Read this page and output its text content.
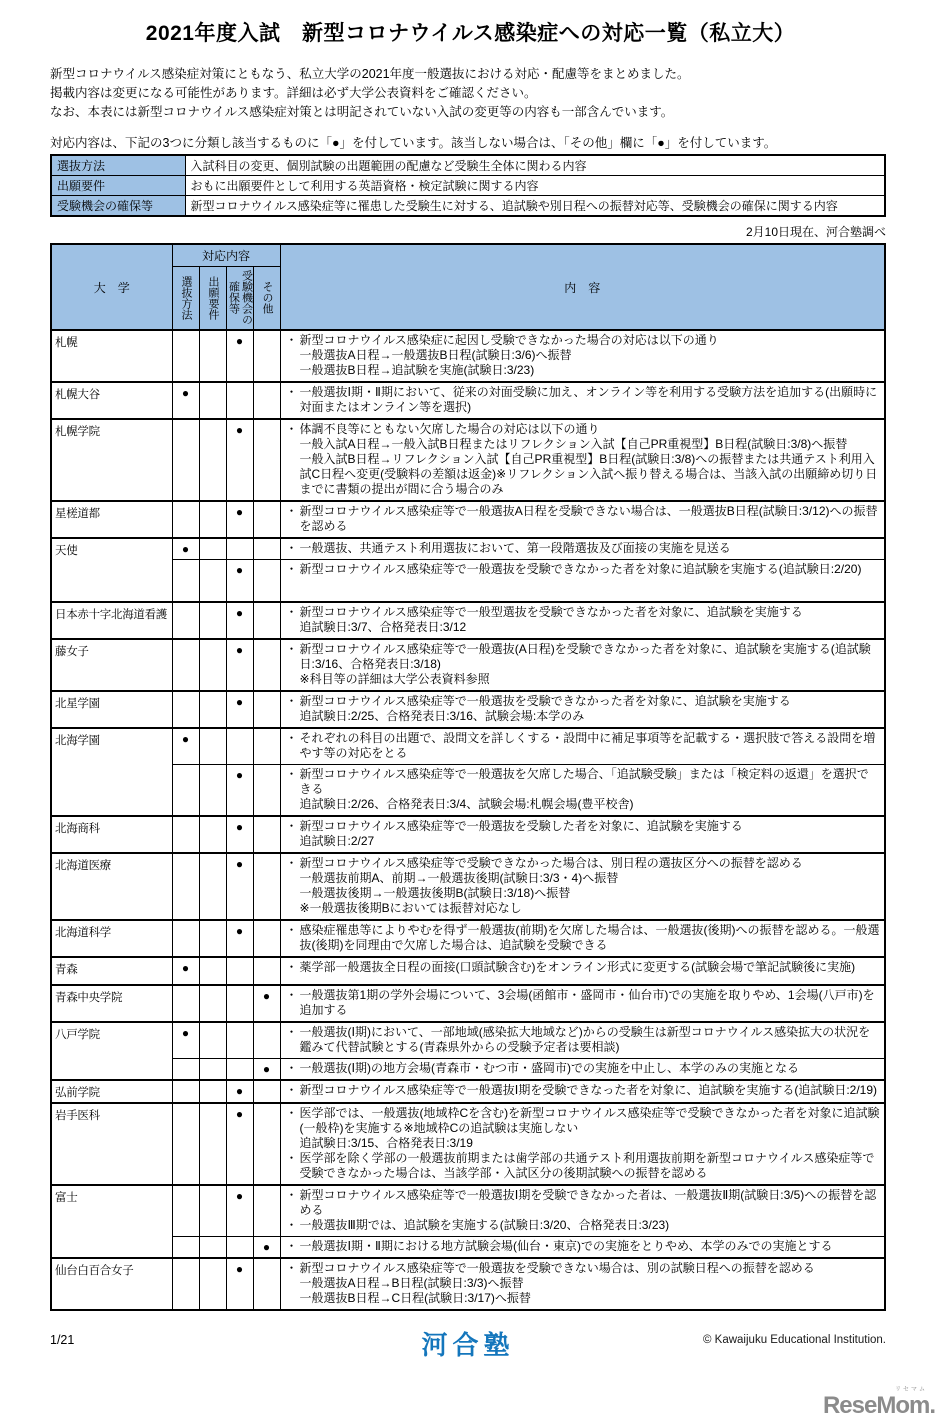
2021年度入試　新型コロナウイルス感染症への対応一覧（私立大）
新型コロナウイルス感染症対策にともなう、私立大学の2021年度一般選抜における対応・配慮等をまとめました。
掲載内容は変更になる可能性があります。詳細は必ず大学公表資料をご確認ください。
なお、本表には新型コロナウイルス感染症対策とは明記されていない入試の変更等の内容も一部含んでいます。
対応内容は、下記の3つに分類し該当するものに「●」を付しています。該当しない場合は、「その他」欄に「●」を付しています。
選抜方法	入試科目の変更、個別試験の出題範囲の配慮など受験生全体に関わる内容
出願要件	おもに出願要件として利用する英語資格・検定試験に関する内容
受験機会の確保等	新型コロナウイルス感染症等に罹患した受験生に対する、追試験や別日程への振替対応等、受験機会の確保に関する内容
2月10日現在、河合塾調べ
大　学	対応内容				内　容

	選抜方法	出願要件	受験機会の確保等	その他	

札幌			●		・ 新型コロナウイルス感染症に起因し受験できなかった場合の対応は以下の通り
一般選抜A日程→一般選抜B日程(試験日:3/6)へ振替
一般選抜B日程→追試験を実施(試験日:3/23)

札幌大谷	●				・ 一般選抜Ⅰ期・Ⅱ期において、従来の対面受験に加え、オンライン等を利用する受験方法を追加する(出願時に対面またはオンライン等を選択)

札幌学院			●		・ 体調不良等にともない欠席した場合の対応は以下の通り
一般入試A日程→一般入試B日程またはリフレクション入試【自己PR重視型】B日程(試験日:3/8)へ振替
一般入試B日程→リフレクション入試【自己PR重視型】B日程(試験日:3/8)への振替または共通テスト利用入試C日程へ変更(受験料の差額は返金)※リフレクション入試へ振り替える場合は、当該入試の出願締め切り日までに書類の提出が間に合う場合のみ

星槎道都			●		・ 新型コロナウイルス感染症等で一般選抜A日程を受験できない場合は、一般選抜B日程(試験日:3/12)への振替を認める

天使	●				・ 一般選抜、共通テスト利用選抜において、第一段階選抜及び面接の実施を見送る

			●		・ 新型コロナウイルス感染症等で一般選抜を受験できなかった者を対象に追試験を実施する(追試験日:2/20)

日本赤十字北海道看護			●		・ 新型コロナウイルス感染症等で一般型選抜を受験できなかった者を対象に、追試験を実施する
追試験日:3/7、合格発表日:3/12

藤女子			●		・ 新型コロナウイルス感染症等で一般選抜(A日程)を受験できなかった者を対象に、追試験を実施する(追試験日:3/16、合格発表日:3/18)
※科目等の詳細は大学公表資料参照

北星学園			●		・ 新型コロナウイルス感染症等で一般選抜を受験できなかった者を対象に、追試験を実施する
追試験日:2/25、合格発表日:3/16、試験会場:本学のみ

北海学園	●				・ それぞれの科目の出題で、設問文を詳しくする・設問中に補足事項等を記載する・選択肢で答える設問を増やす等の対応をとる

			●		・ 新型コロナウイルス感染症等で一般選抜を欠席した場合、「追試験受験」または「検定料の返還」を選択できる
追試験日:2/26、合格発表日:3/4、試験会場:札幌会場(豊平校舎)

北海商科			●		・ 新型コロナウイルス感染症等で一般選抜を受験した者を対象に、追試験を実施する
追試験日:2/27

北海道医療			●		・ 新型コロナウイルス感染症等で受験できなかった場合は、別日程の選抜区分への振替を認める
一般選抜前期A、前期→一般選抜後期(試験日:3/3・4)へ振替
一般選抜後期→一般選抜後期B(試験日:3/18)へ振替
※一般選抜後期Bにおいては振替対応なし

北海道科学			●		・ 感染症罹患等によりやむを得ず一般選抜(前期)を欠席した場合は、一般選抜(後期)への振替を認める。一般選抜(後期)を同理由で欠席した場合は、追試験を受験できる

青森	●				・ 薬学部一般選抜全日程の面接(口頭試験含む)をオンライン形式に変更する(試験会場で筆記試験後に実施)

青森中央学院				●	・ 一般選抜第1期の学外会場について、3会場(函館市・盛岡市・仙台市)での実施を取りやめ、1会場(八戸市)を追加する

八戸学院	●				・ 一般選抜(Ⅰ期)において、一部地域(感染拡大地域など)からの受験生は新型コロナウイルス感染拡大の状況を鑑みて代替試験とする(青森県外からの受験予定者は要相談)

				●	・ 一般選抜(Ⅰ期)の地方会場(青森市・むつ市・盛岡市)での実施を中止し、本学のみの実施となる

弘前学院			●		・ 新型コロナウイルス感染症等で一般選抜Ⅰ期を受験できなった者を対象に、追試験を実施する(追試験日:2/19)

岩手医科			●		・ 医学部では、一般選抜(地域枠Cを含む)を新型コロナウイルス感染症等で受験できなかった者を対象に追試験(一般枠)を実施する※地域枠Cの追試験は実施しない
追試験日:3/15、合格発表日:3/19
・ 医学部を除く学部の一般選抜前期または歯学部の共通テスト利用選抜前期を新型コロナウイルス感染症等で受験できなかった場合は、当該学部・入試区分の後期試験への振替を認める

富士			●		・ 新型コロナウイルス感染症等で一般選抜Ⅰ期を受験できなかった者は、一般選抜Ⅱ期(試験日:3/5)への振替を認める
・ 一般選抜Ⅲ期では、追試験を実施する(試験日:3/20、合格発表日:3/23)

				●	・ 一般選抜Ⅰ期・Ⅱ期における地方試験会場(仙台・東京)での実施をとりやめ、本学のみでの実施とする

仙台白百合女子			●		・ 新型コロナウイルス感染症等で一般選抜を受験できない場合は、別の試験日程への振替を認める
一般選抜A日程→B日程(試験日:3/3)へ振替
一般選抜B日程→C日程(試験日:3/17)へ振替
1/21	河合塾	© Kawaijuku Educational Institution.
リセマム
ReseMom.
